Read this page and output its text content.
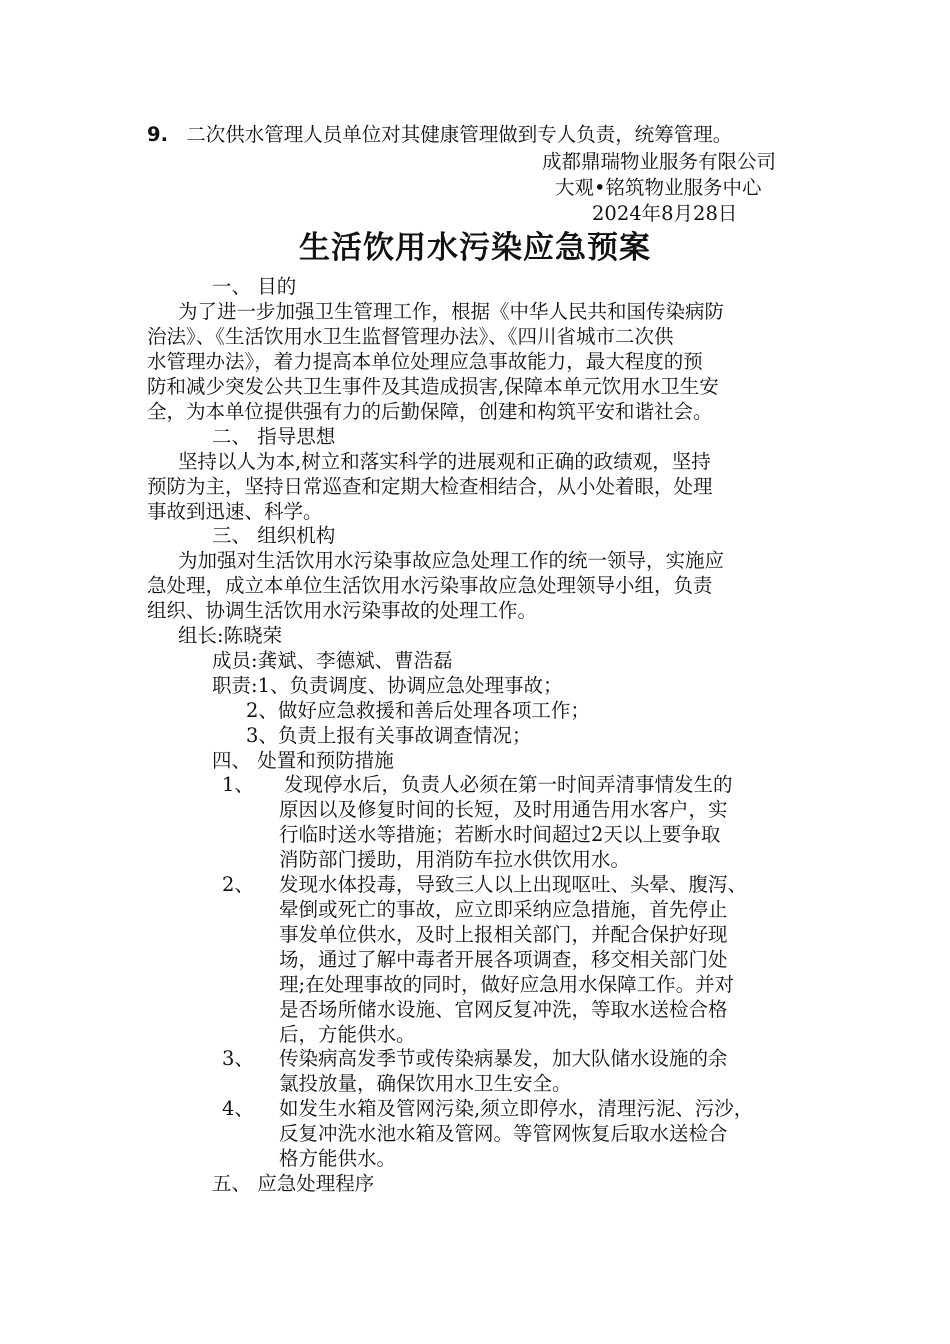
9. 二次供水管理人员单位对其健康管理做到专人负责，统筹管理。
成都鼎瑞物业服务有限公司
大观•铭筑物业服务中心
2024年8月28日
生活饮用水污染应急预案
一、 目的
为了进一步加强卫生管理工作，根据《中华人民共和国传染病防
治法》、《生活饮用水卫生监督管理办法》、《四川省城市二次供
水管理办法》，着力提高本单位处理应急事故能力，最大程度的预
防和减少突发公共卫生事件及其造成损害,保障本单元饮用水卫生安
全，为本单位提供强有力的后勤保障，创建和构筑平安和谐社会。
二、 指导思想
坚持以人为本,树立和落实科学的进展观和正确的政绩观，坚持
预防为主，坚持日常巡查和定期大检查相结合，从小处着眼，处理
事故到迅速、科学。
三、 组织机构
为加强对生活饮用水污染事故应急处理工作的统一领导，实施应
急处理，成立本单位生活饮用水污染事故应急处理领导小组，负责
组织、协调生活饮用水污染事故的处理工作。
组长:陈晓荣
成员:龚斌、李德斌、曹浩磊
职责:1、负责调度、协调应急处理事故；
2、做好应急救援和善后处理各项工作；
3、负责上报有关事故调查情况；
四、 处置和预防措施
1、 发现停水后，负责人必须在第一时间弄清事情发生的
原因以及修复时间的长短，及时用通告用水客户，实
行临时送水等措施；若断水时间超过2天以上要争取
消防部门援助，用消防车拉水供饮用水。
2、 发现水体投毒，导致三人以上出现呕吐、头晕、腹泻、
晕倒或死亡的事故，应立即采纳应急措施，首先停止
事发单位供水，及时上报相关部门，并配合保护好现
场，通过了解中毒者开展各项调查，移交相关部门处
理;在处理事故的同时，做好应急用水保障工作。并对
是否场所储水设施、官网反复冲洗，等取水送检合格
后，方能供水。
3、 传染病高发季节或传染病暴发，加大队储水设施的余
氯投放量，确保饮用水卫生安全。
4、 如发生水箱及管网污染,须立即停水，清理污泥、污沙，
反复冲洗水池水箱及管网。等管网恢复后取水送检合
格方能供水。
五、 应急处理程序
